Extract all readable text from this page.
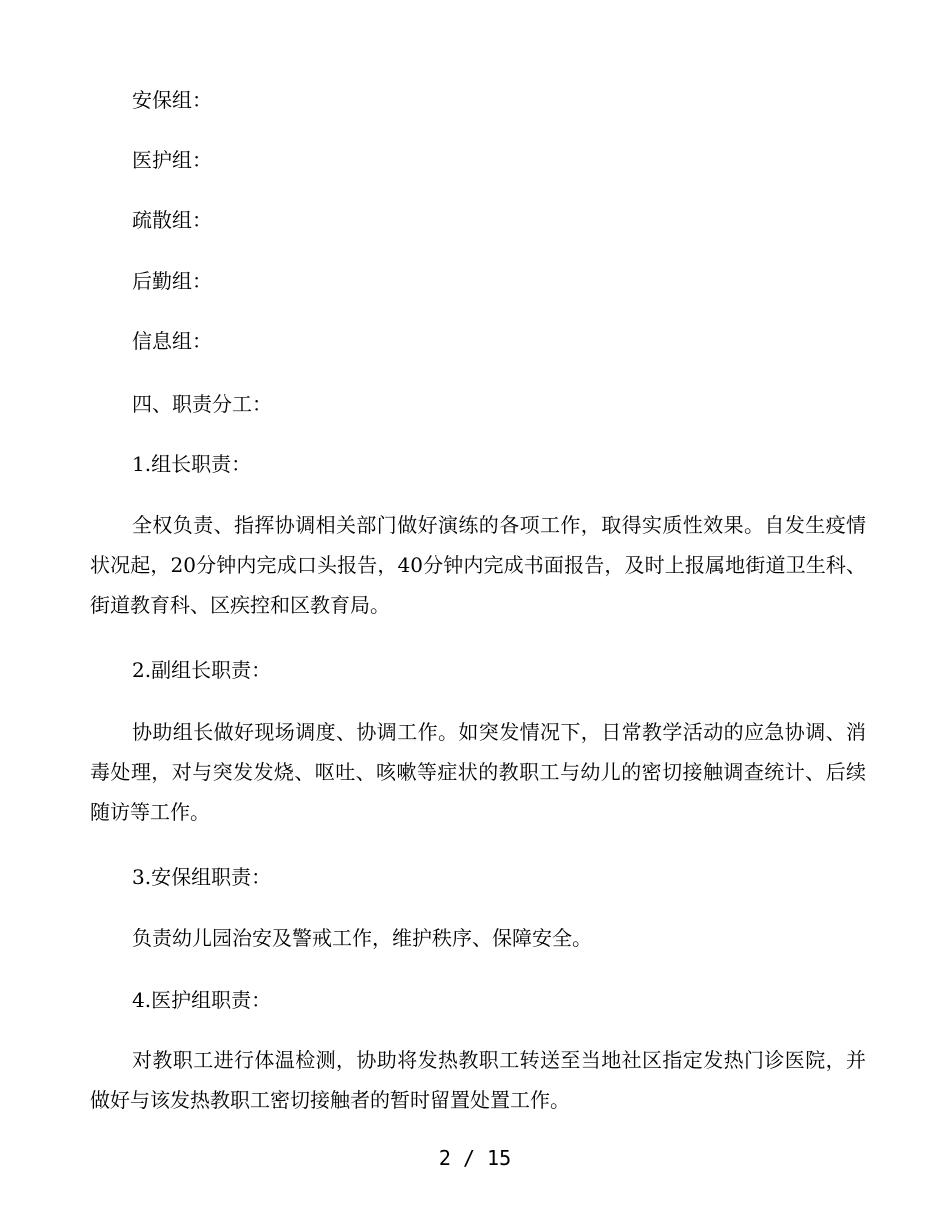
安保组：
医护组：
疏散组：
后勤组：
信息组：
四、职责分工：
1.组长职责：
全权负责、指挥协调相关部门做好演练的各项工作，取得实质性效果。自发生疫情状况起，20分钟内完成口头报告，40分钟内完成书面报告，及时上报属地街道卫生科、街道教育科、区疾控和区教育局。
2.副组长职责：
协助组长做好现场调度、协调工作。如突发情况下，日常教学活动的应急协调、消毒处理，对与突发发烧、呕吐、咳嗽等症状的教职工与幼儿的密切接触调查统计、后续随访等工作。
3.安保组职责：
负责幼儿园治安及警戒工作，维护秩序、保障安全。
4.医护组职责：
对教职工进行体温检测，协助将发热教职工转送至当地社区指定发热门诊医院，并做好与该发热教职工密切接触者的暂时留置处置工作。
2 / 15
